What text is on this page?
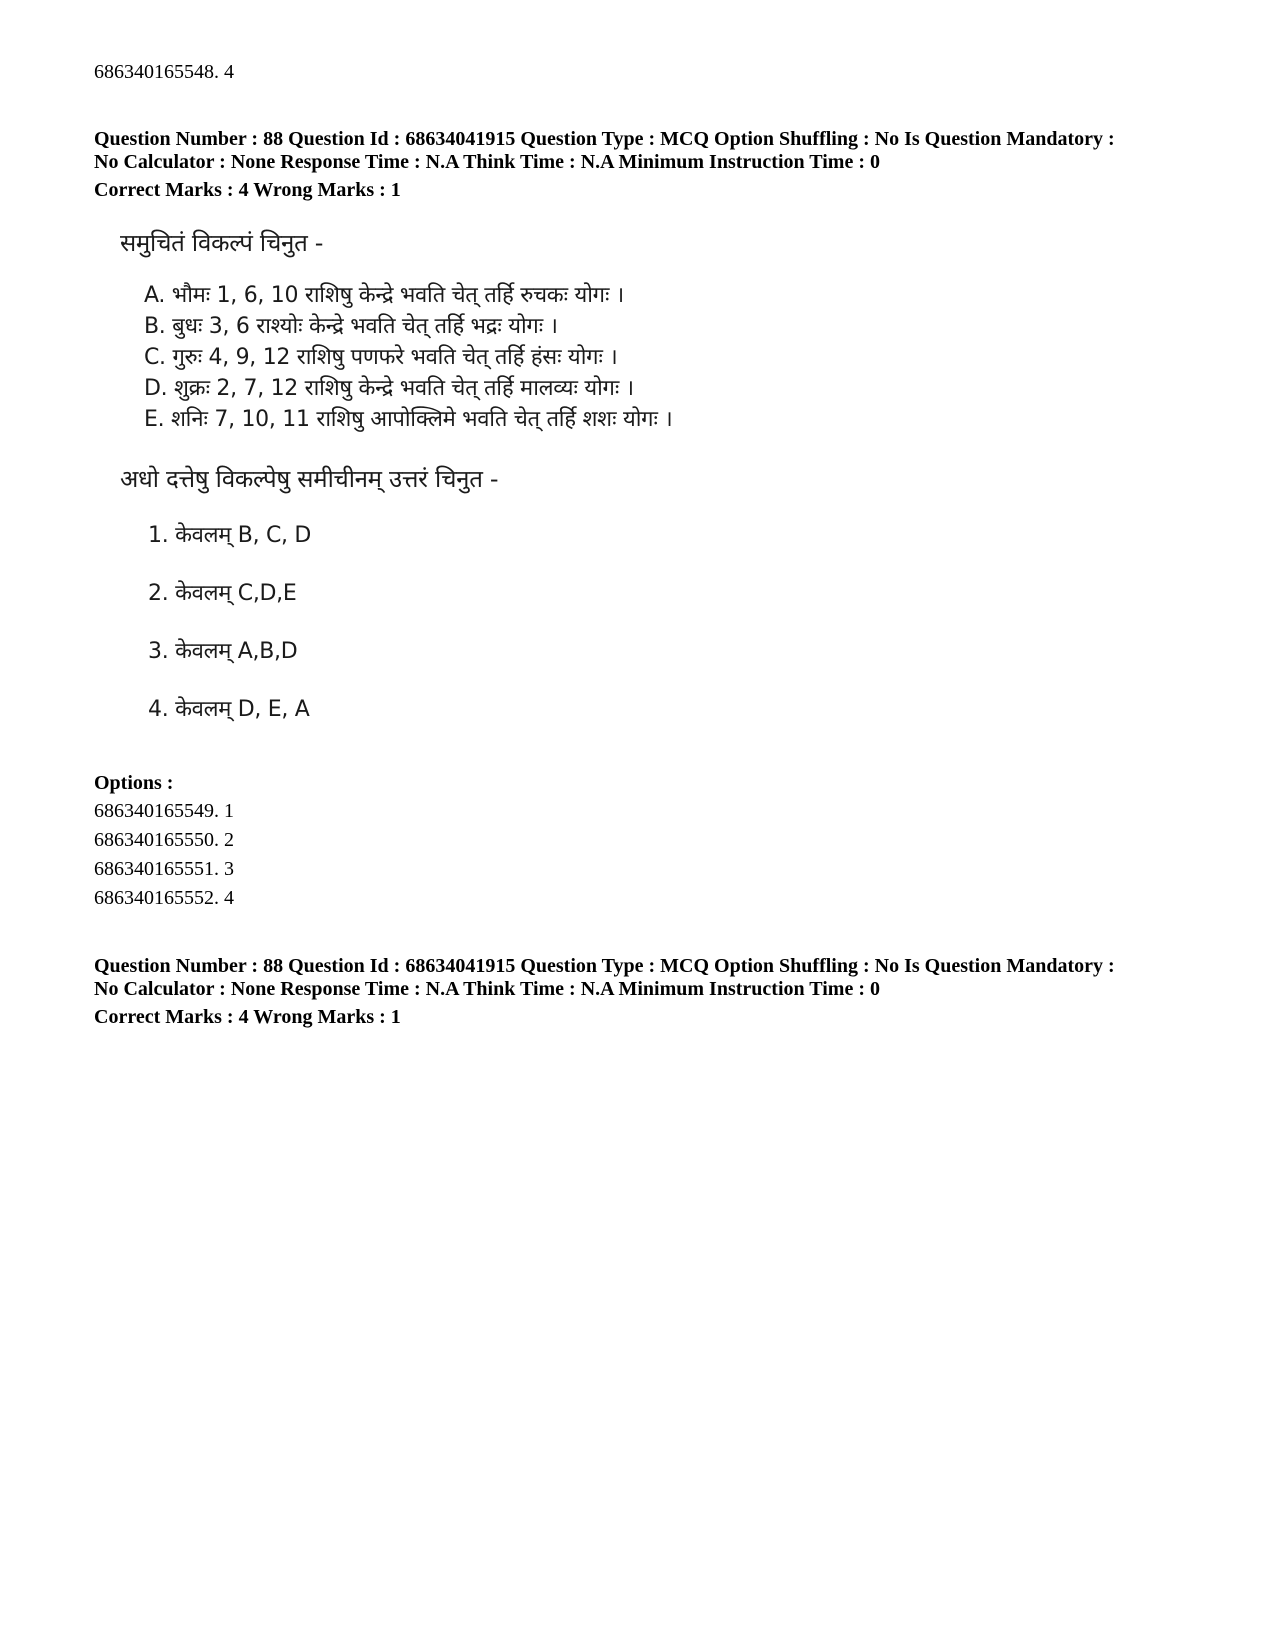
686340165548. 4
Question Number : 88 Question Id : 68634041915 Question Type : MCQ Option Shuffling : No Is Question Mandatory :
No Calculator : None Response Time : N.A Think Time : N.A Minimum Instruction Time : 0
Correct Marks : 4 Wrong Marks : 1
समुचितं विकल्पं चिनुत -
A. भौमः 1, 6, 10 राशिषु केन्द्रे भवति चेत् तर्हि रुचकः योगः ।
B. बुधः 3, 6 राश्योः केन्द्रे भवति चेत् तर्हि भद्रः योगः ।
C. गुरुः 4, 9, 12 राशिषु पणफरे भवति चेत् तर्हि हंसः योगः ।
D. शुक्रः 2, 7, 12 राशिषु केन्द्रे भवति चेत् तर्हि मालव्यः योगः ।
E. शनिः 7, 10, 11 राशिषु आपोक्लिमे भवति चेत् तर्हि शशः योगः ।
अधो दत्तेषु विकल्पेषु समीचीनम् उत्तरं चिनुत -
1. केवलम् B, C, D
2. केवलम् C,D,E
3. केवलम् A,B,D
4. केवलम् D, E, A
Options :
686340165549. 1
686340165550. 2
686340165551. 3
686340165552. 4
Question Number : 88 Question Id : 68634041915 Question Type : MCQ Option Shuffling : No Is Question Mandatory :
No Calculator : None Response Time : N.A Think Time : N.A Minimum Instruction Time : 0
Correct Marks : 4 Wrong Marks : 1
